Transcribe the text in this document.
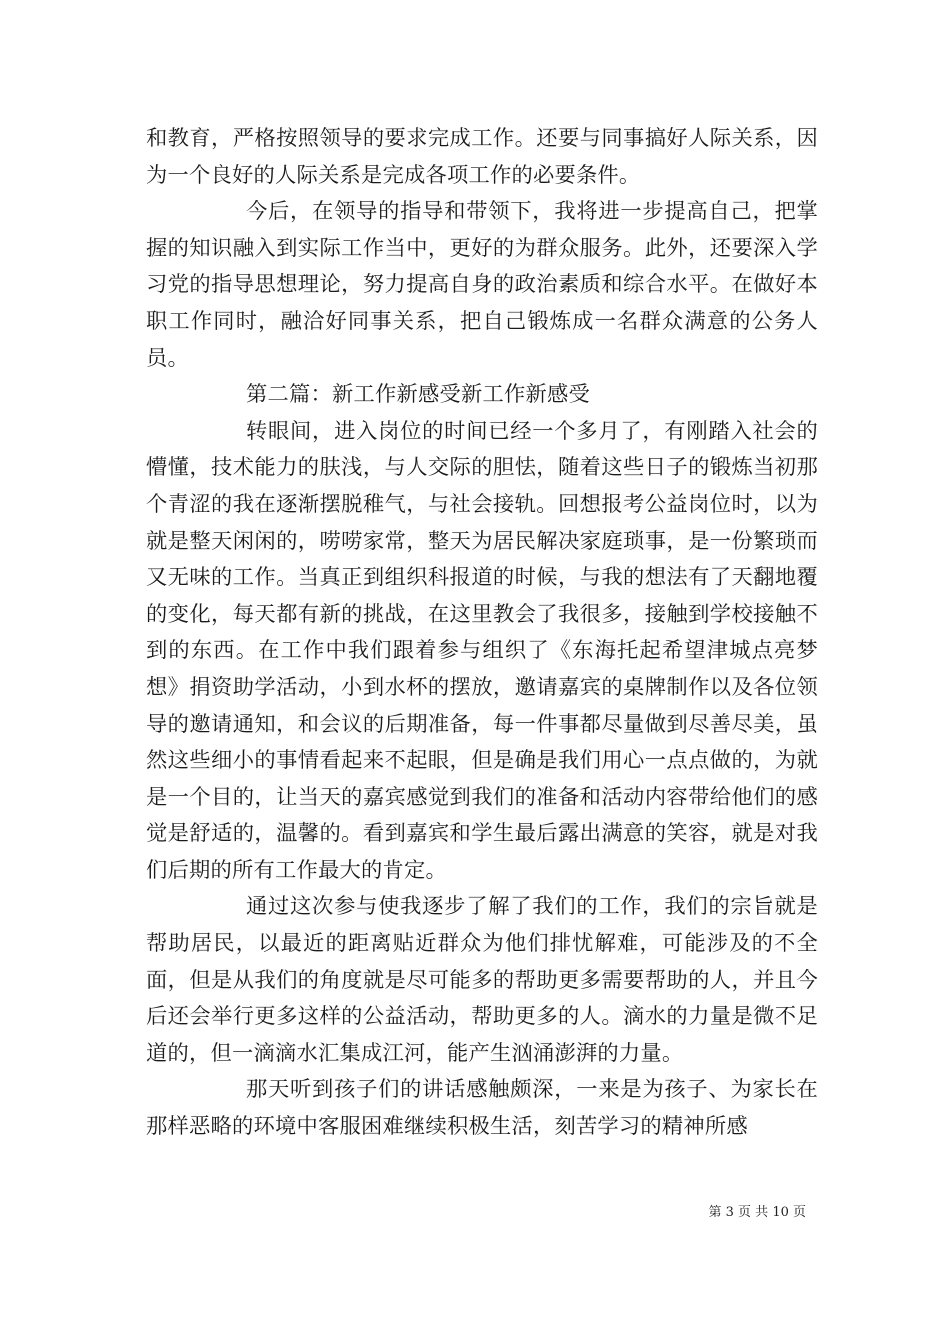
和教育，严格按照领导的要求完成工作。还要与同事搞好人际关系，因为一个良好的人际关系是完成各项工作的必要条件。

今后，在领导的指导和带领下，我将进一步提高自己，把掌握的知识融入到实际工作当中，更好的为群众服务。此外，还要深入学习党的指导思想理论，努力提高自身的政治素质和综合水平。在做好本职工作同时，融洽好同事关系，把自己锻炼成一名群众满意的公务人员。

第二篇：新工作新感受新工作新感受

转眼间，进入岗位的时间已经一个多月了，有刚踏入社会的懵懂，技术能力的肤浅，与人交际的胆怯，随着这些日子的锻炼当初那个青涩的我在逐渐摆脱稚气，与社会接轨。回想报考公益岗位时，以为就是整天闲闲的，唠唠家常，整天为居民解决家庭琐事，是一份繁琐而又无味的工作。当真正到组织科报道的时候，与我的想法有了天翻地覆的变化，每天都有新的挑战，在这里教会了我很多，接触到学校接触不到的东西。在工作中我们跟着参与组织了《东海托起希望津城点亮梦想》捐资助学活动，小到水杯的摆放，邀请嘉宾的桌牌制作以及各位领导的邀请通知，和会议的后期准备，每一件事都尽量做到尽善尽美，虽然这些细小的事情看起来不起眼，但是确是我们用心一点点做的，为就是一个目的，让当天的嘉宾感觉到我们的准备和活动内容带给他们的感觉是舒适的，温馨的。看到嘉宾和学生最后露出满意的笑容，就是对我们后期的所有工作最大的肯定。

通过这次参与使我逐步了解了我们的工作，我们的宗旨就是帮助居民，以最近的距离贴近群众为他们排忧解难，可能涉及的不全面，但是从我们的角度就是尽可能多的帮助更多需要帮助的人，并且今后还会举行更多这样的公益活动，帮助更多的人。滴水的力量是微不足道的，但一滴滴水汇集成江河，能产生汹涌澎湃的力量。

那天听到孩子们的讲话感触颇深，一来是为孩子、为家长在那样恶略的环境中客服困难继续积极生活，刻苦学习的精神所感

第 3 页 共 10 页
